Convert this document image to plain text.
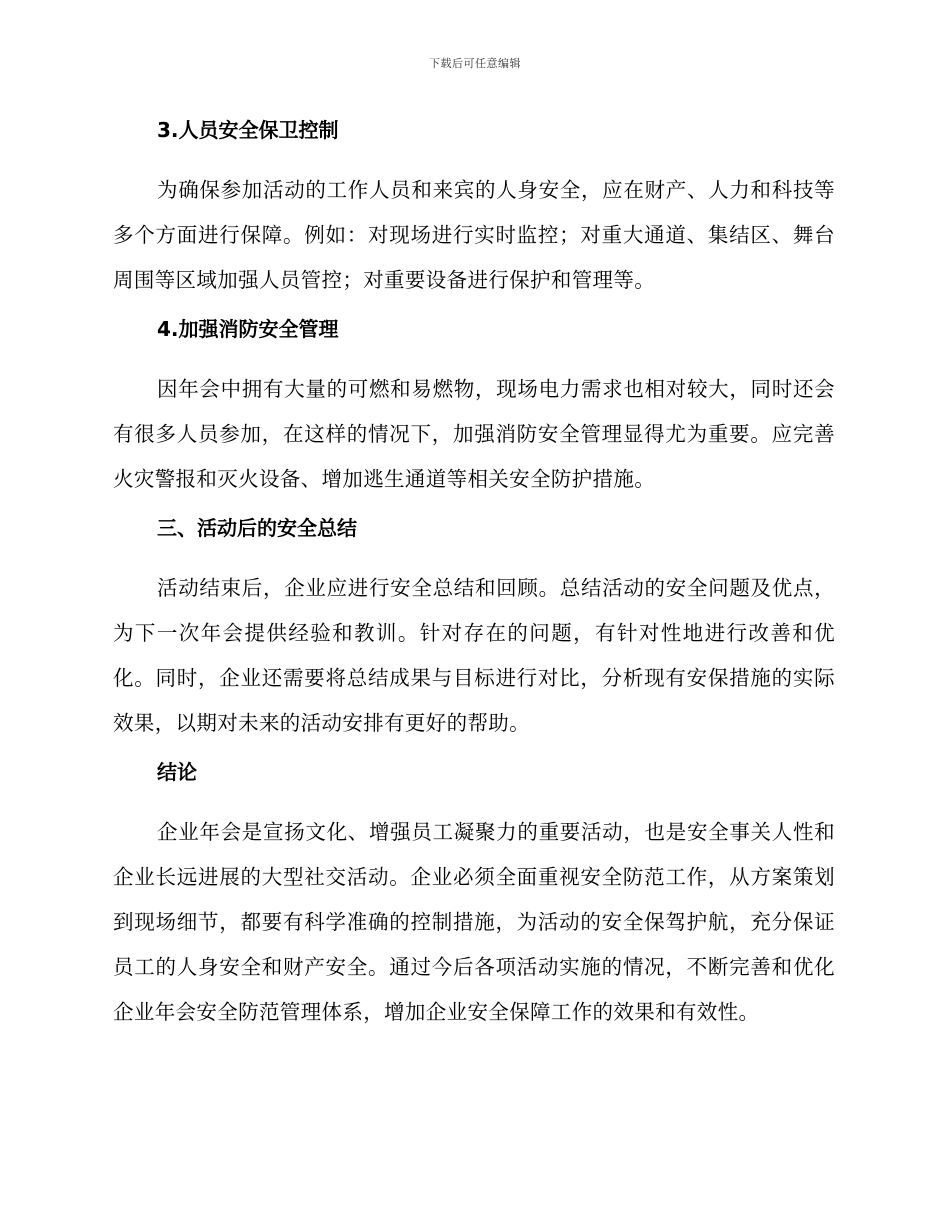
下载后可任意编辑
3.人员安全保卫控制

为确保参加活动的工作人员和来宾的人身安全，应在财产、人力和科技等多个方面进行保障。例如：对现场进行实时监控；对重大通道、集结区、舞台周围等区域加强人员管控；对重要设备进行保护和管理等。

4.加强消防安全管理

因年会中拥有大量的可燃和易燃物，现场电力需求也相对较大，同时还会有很多人员参加，在这样的情况下，加强消防安全管理显得尤为重要。应完善火灾警报和灭火设备、增加逃生通道等相关安全防护措施。

三、活动后的安全总结

活动结束后，企业应进行安全总结和回顾。总结活动的安全问题及优点，为下一次年会提供经验和教训。针对存在的问题，有针对性地进行改善和优化。同时，企业还需要将总结成果与目标进行对比，分析现有安保措施的实际效果，以期对未来的活动安排有更好的帮助。

结论

企业年会是宣扬文化、增强员工凝聚力的重要活动，也是安全事关人性和企业长远进展的大型社交活动。企业必须全面重视安全防范工作，从方案策划到现场细节，都要有科学准确的控制措施，为活动的安全保驾护航，充分保证员工的人身安全和财产安全。通过今后各项活动实施的情况，不断完善和优化企业年会安全防范管理体系，增加企业安全保障工作的效果和有效性。
